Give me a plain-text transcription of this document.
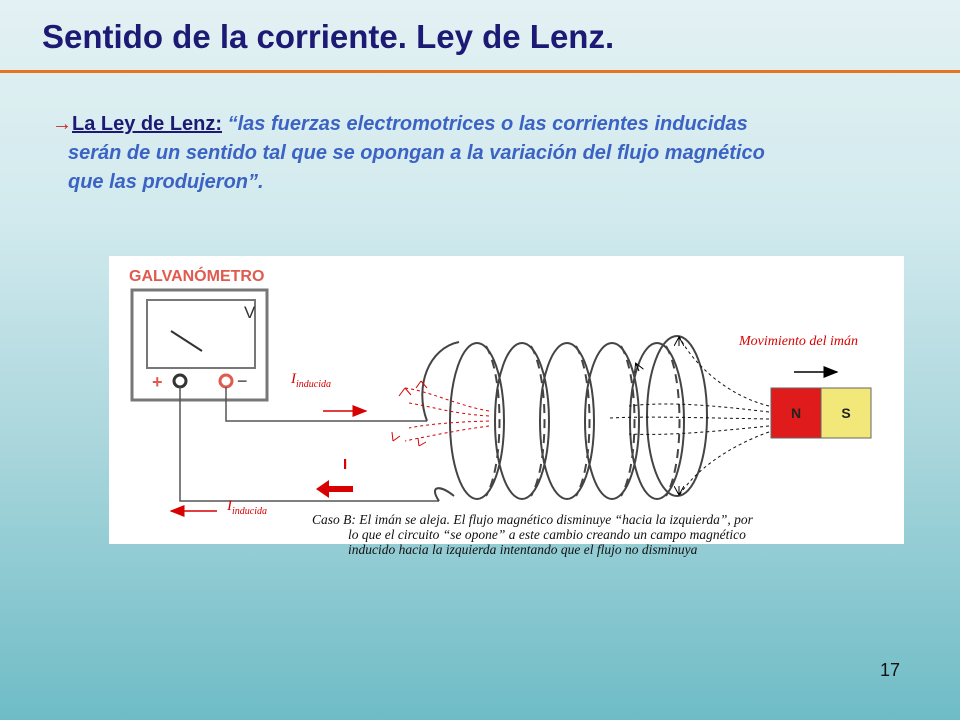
Sentido de la corriente. Ley de Lenz.
→La Ley de Lenz: “las fuerzas electromotrices o las corrientes inducidas
serán de un sentido tal que se opongan a la variación del flujo magnético
que las produjeron”.
GALVANÓMETRO
V
+	−
N	S
Movimiento del imán
$I_{inducida}$
I
$I_{inducida}$
Caso B: El imán se aleja. El flujo magnético disminuye “hacia la izquierda”, por
lo que el circuito “se opone” a este cambio creando un campo magnético
inducido hacia la izquierda intentando que el flujo no disminuya
17
